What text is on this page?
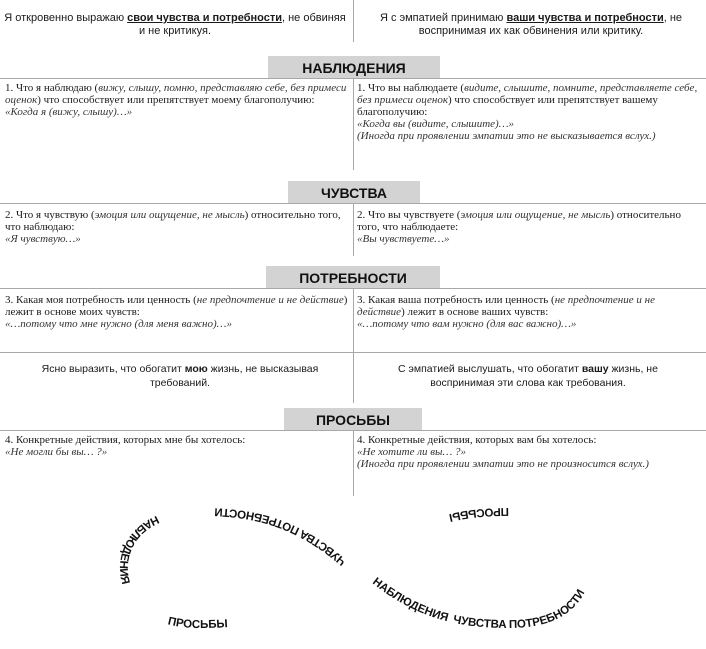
Я откровенно выражаю свои чувства и потребности, не обвиняя и не критикуя.
Я с эмпатией принимаю ваши чувства и потребности, не воспринимая их как обвинения или критику.
НАБЛЮДЕНИЯ
1. Что я наблюдаю (вижу, слышу, помню, представляю себе, без примеси оценок) что способствует или препятствует моему благополучию:
«Когда я (вижу, слышу)…»
1. Что вы наблюдаете (видите, слышите, помните, представляете себе, без примеси оценок) что способствует или препятствует вашему благополучию:
«Когда вы (видите, слышите)…»
(Иногда при проявлении эмпатии это не высказывается вслух.)
ЧУВСТВА
2. Что я чувствую (эмоция или ощущение, не мысль) относительно того, что наблюдаю:
«Я чувствую…»
2. Что вы чувствуете (эмоция или ощущение, не мысль) относительно того, что наблюдаете:
«Вы чувствуете…»
ПОТРЕБНОСТИ
3. Какая моя потребность или ценность (не предпочтение и не действие) лежит в основе моих чувств:
«…потому что мне нужно (для меня важно)…»
3. Какая ваша потребность или ценность (не предпочтение и не действие) лежит в основе ваших чувств:
«…потому что вам нужно (для вас важно)…»
Ясно выразить, что обогатит мою жизнь, не высказывая требований.
С эмпатией выслушать, что обогатит вашу жизнь, не воспринимая эти слова как требования.
ПРОСЬБЫ
4. Конкретные действия, которых мне бы хотелось:
«Не могли бы вы… ?»
4. Конкретные действия, которых вам бы хотелось:
«Не хотите ли вы… ?»
(Иногда при проявлении эмпатии это не произносится вслух.)
НАБЛЮДЕНИЯ
ЧУВСТВА
ПОТРЕБНОСТИ
ПРОСЬБЫ
НАБЛЮДЕНИЯ ЧУВСТВА ПОТРЕБНОСТИ
ПРОСЬБЫ
